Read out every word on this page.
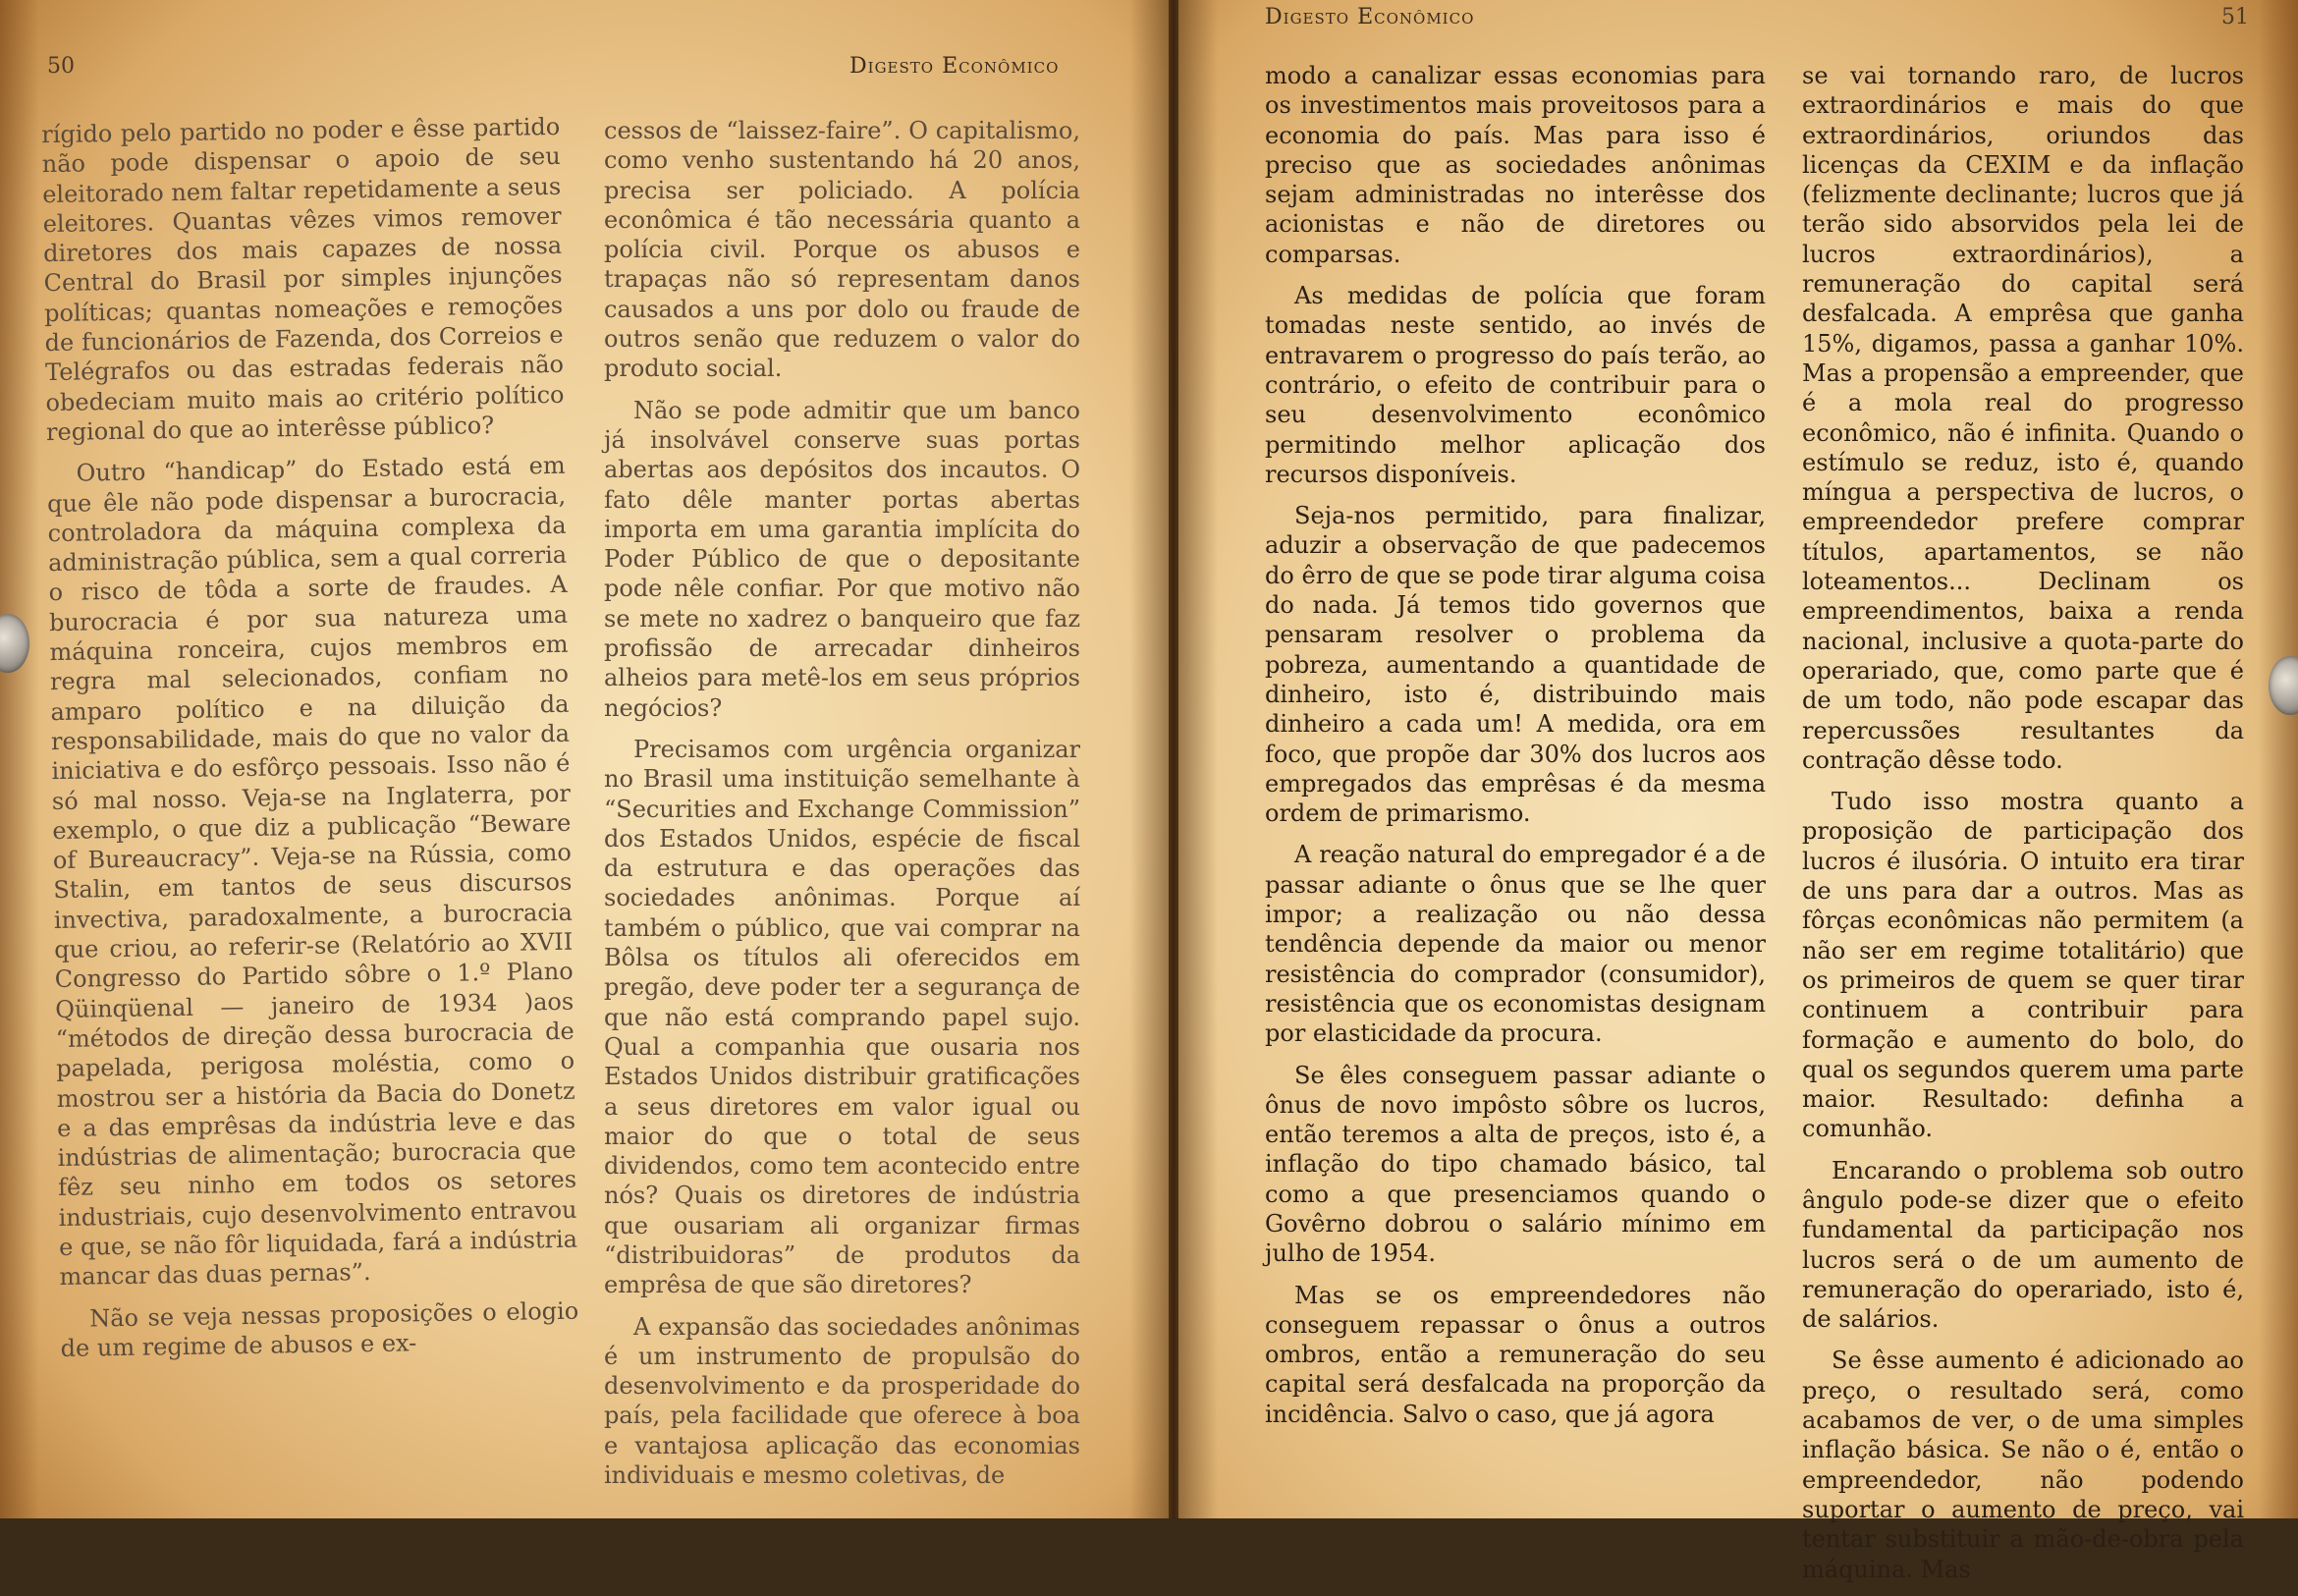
50	Digesto Econômico

rígido pelo partido no poder e êsse partido não pode dispensar o apoio de seu eleitorado nem faltar repetidamente a seus eleitores. Quantas vêzes vimos remover diretores dos mais capazes de nossa Central do Brasil por simples injunções políticas; quantas nomeações e remoções de funcionários de Fazenda, dos Correios e Telégrafos ou das estradas federais não obedeciam muito mais ao critério político regional do que ao interêsse público?

Outro “handicap” do Estado está em que êle não pode dispensar a burocracia, controladora da máquina complexa da administração pública, sem a qual correria o risco de tôda a sorte de fraudes. A burocracia é por sua natureza uma máquina ronceira, cujos membros em regra mal selecionados, confiam no amparo político e na diluição da responsabilidade, mais do que no valor da iniciativa e do esfôrço pessoais. Isso não é só mal nosso. Veja-se na Inglaterra, por exemplo, o que diz a publicação “Beware of Bureaucracy”. Veja-se na Rússia, como Stalin, em tantos de seus discursos invectiva, paradoxalmente, a burocracia que criou, ao referir-se (Relatório ao XVII Congresso do Partido sôbre o 1.º Plano Qüinqüenal — janeiro de 1934 )aos “métodos de direção dessa burocracia de papelada, perigosa moléstia, como o mostrou ser a história da Bacia do Donetz e a das emprêsas da indústria leve e das indústrias de alimentação; burocracia que fêz seu ninho em todos os setores industriais, cujo desenvolvimento entravou e que, se não fôr liquidada, fará a indústria mancar das duas pernas”.

Não se veja nessas proposições o elogio de um regime de abusos e ex-

cessos de “laissez-faire”. O capitalismo, como venho sustentando há 20 anos, precisa ser policiado. A polícia econômica é tão necessária quanto a polícia civil. Porque os abusos e trapaças não só representam danos causados a uns por dolo ou fraude de outros senão que reduzem o valor do produto social.

Não se pode admitir que um banco já insolvável conserve suas portas abertas aos depósitos dos incautos. O fato dêle manter portas abertas importa em uma garantia implícita do Poder Público de que o depositante pode nêle confiar. Por que motivo não se mete no xadrez o banqueiro que faz profissão de arrecadar dinheiros alheios para metê-los em seus próprios negócios?

Precisamos com urgência organizar no Brasil uma instituição semelhante à “Securities and Exchange Commission” dos Estados Unidos, espécie de fiscal da estrutura e das operações das sociedades anônimas. Porque aí também o público, que vai comprar na Bôlsa os títulos ali oferecidos em pregão, deve poder ter a segurança de que não está comprando papel sujo. Qual a companhia que ousaria nos Estados Unidos distribuir gratificações a seus diretores em valor igual ou maior do que o total de seus dividendos, como tem acontecido entre nós? Quais os diretores de indústria que ousariam ali organizar firmas “distribuidoras” de produtos da emprêsa de que são diretores?

A expansão das sociedades anônimas é um instrumento de propulsão do desenvolvimento e da prosperidade do país, pela facilidade que oferece à boa e vantajosa aplicação das economias individuais e mesmo coletivas, de

Digesto Econômico	51

modo a canalizar essas economias para os investimentos mais proveitosos para a economia do país. Mas para isso é preciso que as sociedades anônimas sejam administradas no interêsse dos acionistas e não de diretores ou comparsas.

As medidas de polícia que foram tomadas neste sentido, ao invés de entravarem o progresso do país terão, ao contrário, o efeito de contribuir para o seu desenvolvimento econômico permitindo melhor aplicação dos recursos disponíveis.

Seja-nos permitido, para finalizar, aduzir a observação de que padecemos do êrro de que se pode tirar alguma coisa do nada. Já temos tido governos que pensaram resolver o problema da pobreza, aumentando a quantidade de dinheiro, isto é, distribuindo mais dinheiro a cada um! A medida, ora em foco, que propõe dar 30% dos lucros aos empregados das emprêsas é da mesma ordem de primarismo.

A reação natural do empregador é a de passar adiante o ônus que se lhe quer impor; a realização ou não dessa tendência depende da maior ou menor resistência do comprador (consumidor), resistência que os economistas designam por elasticidade da procura.

Se êles conseguem passar adiante o ônus de novo impôsto sôbre os lucros, então teremos a alta de preços, isto é, a inflação do tipo chamado básico, tal como a que presenciamos quando o Govêrno dobrou o salário mínimo em julho de 1954.

Mas se os empreendedores não conseguem repassar o ônus a outros ombros, então a remuneração do seu capital será desfalcada na proporção da incidência. Salvo o caso, que já agora

se vai tornando raro, de lucros extraordinários e mais do que extraordinários, oriundos das licenças da CEXIM e da inflação (felizmente declinante; lucros que já terão sido absorvidos pela lei de lucros extraordinários), a remuneração do capital será desfalcada. A emprêsa que ganha 15%, digamos, passa a ganhar 10%. Mas a propensão a empreender, que é a mola real do progresso econômico, não é infinita. Quando o estímulo se reduz, isto é, quando míngua a perspectiva de lucros, o empreendedor prefere comprar títulos, apartamentos, se não loteamentos... Declinam os empreendimentos, baixa a renda nacional, inclusive a quota-parte do operariado, que, como parte que é de um todo, não pode escapar das repercussões resultantes da contração dêsse todo.

Tudo isso mostra quanto a proposição de participação dos lucros é ilusória. O intuito era tirar de uns para dar a outros. Mas as fôrças econômicas não permitem (a não ser em regime totalitário) que os primeiros de quem se quer tirar continuem a contribuir para formação e aumento do bolo, do qual os segundos querem uma parte maior. Resultado: definha a comunhão.

Encarando o problema sob outro ângulo pode-se dizer que o efeito fundamental da participação nos lucros será o de um aumento de remuneração do operariado, isto é, de salários.

Se êsse aumento é adicionado ao preço, o resultado será, como acabamos de ver, o de uma simples inflação básica. Se não o é, então o empreendedor, não podendo suportar o aumento de preço, vai tentar substituir a mão-de-obra pela máquina. Mas
